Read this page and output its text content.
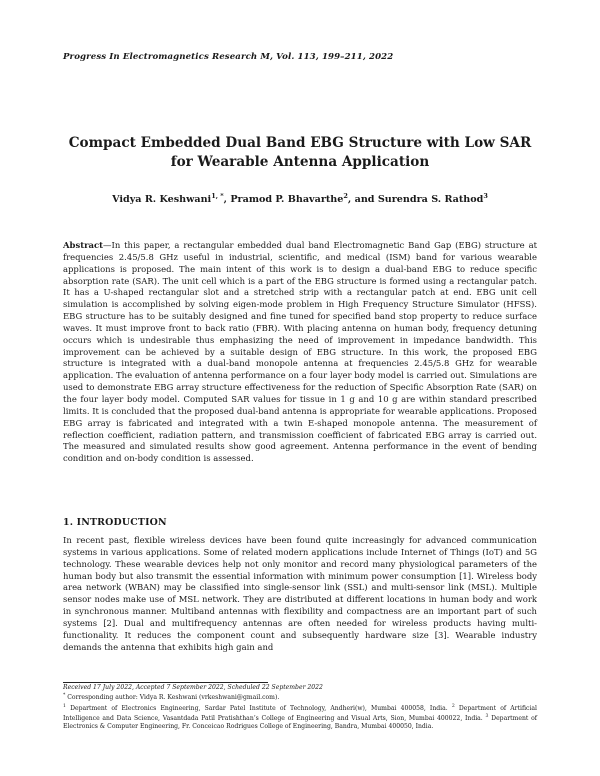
Progress In Electromagnetics Research M, Vol. 113, 199–211, 2022
Compact Embedded Dual Band EBG Structure with Low SAR
for Wearable Antenna Application
Vidya R. Keshwani$^{1, *}$, Pramod P. Bhavarthe$^2$, and Surendra S. Rathod$^3$

Abstract—In this paper, a rectangular embedded dual band Electromagnetic Band Gap (EBG) structure at frequencies 2.45/5.8 GHz useful in industrial, scientific, and medical (ISM) band for various wearable applications is proposed. The main intent of this work is to design a dual-band EBG to reduce specific absorption rate (SAR). The unit cell which is a part of the EBG structure is formed using a rectangular patch. It has a U-shaped rectangular slot and a stretched strip with a rectangular patch at end. EBG unit cell simulation is accomplished by solving eigen-mode problem in High Frequency Structure Simulator (HFSS). EBG structure has to be suitably designed and fine tuned for specified band stop property to reduce surface waves. It must improve front to back ratio (FBR). With placing antenna on human body, frequency detuning occurs which is undesirable thus emphasizing the need of improvement in impedance bandwidth. This improvement can be achieved by a suitable design of EBG structure. In this work, the proposed EBG structure is integrated with a dual-band monopole antenna at frequencies 2.45/5.8 GHz for wearable application. The evaluation of antenna performance on a four layer body model is carried out. Simulations are used to demonstrate EBG array structure effectiveness for the reduction of Specific Absorption Rate (SAR) on the four layer body model. Computed SAR values for tissue in 1 g and 10 g are within standard prescribed limits. It is concluded that the proposed dual-band antenna is appropriate for wearable applications. Proposed EBG array is fabricated and integrated with a twin E-shaped monopole antenna. The measurement of reflection coefficient, radiation pattern, and transmission coefficient of fabricated EBG array is carried out. The measured and simulated results show good agreement. Antenna performance in the event of bending condition and on-body condition is assessed.

1. INTRODUCTION

In recent past, flexible wireless devices have been found quite increasingly for advanced communication systems in various applications. Some of related modern applications include Internet of Things (IoT) and 5G technology. These wearable devices help not only monitor and record many physiological parameters of the human body but also transmit the essential information with minimum power consumption [1]. Wireless body area network (WBAN) may be classified into single-sensor link (SSL) and multi-sensor link (MSL). Multiple sensor nodes make use of MSL network. They are distributed at different locations in human body and work in synchronous manner. Multiband antennas with flexibility and compactness are an important part of such systems [2]. Dual and multifrequency antennas are often needed for wireless products having multi-functionality. It reduces the component count and subsequently hardware size [3]. Wearable industry demands the antenna that exhibits high gain and

Received 17 July 2022, Accepted 7 September 2022, Scheduled 22 September 2022

* Corresponding author: Vidya R. Keshwani (vrkeshwani@gmail.com).

$^1$ Department of Electronics Engineering, Sardar Patel Institute of Technology, Andheri(w), Mumbai 400058, India. $^2$ Department of Artificial Intelligence and Data Science, Vasantdada Patil Pratishthan’s College of Engineering and Visual Arts, Sion, Mumbai 400022, India. $^3$ Department of Electronics & Computer Engineering, Fr. Conceicao Rodrigues College of Engineering, Bandra, Mumbai 400050, India.
